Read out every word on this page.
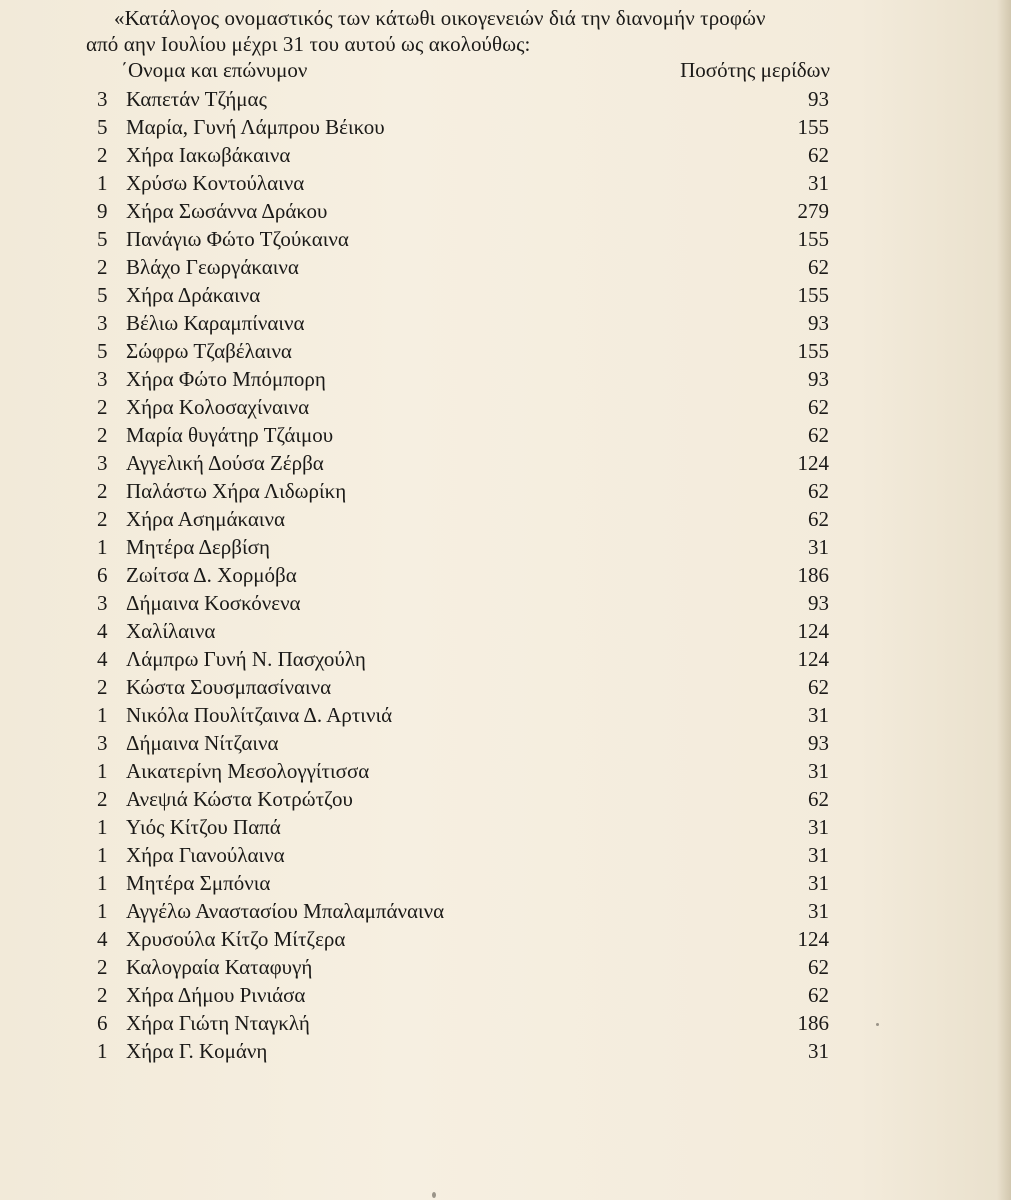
«Κατάλογος ονομαστικός των κάτωθι οικογενειών διά την διανομήν τροφών
από αην Ιουλίου μέχρι 31 του αυτού ως ακολούθως:
΄Ονομα και επώνυμον	Ποσότης μερίδων
3 Καπετάν Τζήμας	93
5 Μαρία, Γυνή Λάμπρου Βέικου	155
2 Χήρα Ιακωβάκαινα	62
1 Χρύσω Κοντούλαινα	31
9 Χήρα Σωσάννα Δράκου	279
5 Πανάγιω Φώτο Τζούκαινα	155
2 Βλάχο Γεωργάκαινα	62
5 Χήρα Δράκαινα	155
3 Βέλιω Καραμπίναινα	93
5 Σώφρω Τζαβέλαινα	155
3 Χήρα Φώτο Μπόμπορη	93
2 Χήρα Κολοσαχίναινα	62
2 Μαρία θυγάτηρ Τζάιμου	62
3 Αγγελική Δούσα Ζέρβα	124
2 Παλάστω Χήρα Λιδωρίκη	62
2 Χήρα Ασημάκαινα	62
1 Μητέρα Δερβίση	31
6 Ζωίτσα Δ. Χορμόβα	186
3 Δήμαινα Κοσκόνενα	93
4 Χαλίλαινα	124
4 Λάμπρω Γυνή Ν. Πασχούλη	124
2 Κώστα Σουσμπασίναινα	62
1 Νικόλα Πουλίτζαινα Δ. Αρτινιά	31
3 Δήμαινα Νίτζαινα	93
1 Αικατερίνη Μεσολογγίτισσα	31
2 Ανεψιά Κώστα Κοτρώτζου	62
1 Υιός Κίτζου Παπά	31
1 Χήρα Γιανούλαινα	31
1 Μητέρα Σμπόνια	31
1 Αγγέλω Αναστασίου Μπαλαμπάναινα	31
4 Χρυσούλα Κίτζο Μίτζερα	124
2 Καλογραία Καταφυγή	62
2 Χήρα Δήμου Ρινιάσα	62
6 Χήρα Γιώτη Νταγκλή	186
1 Χήρα Γ. Κομάνη	31
